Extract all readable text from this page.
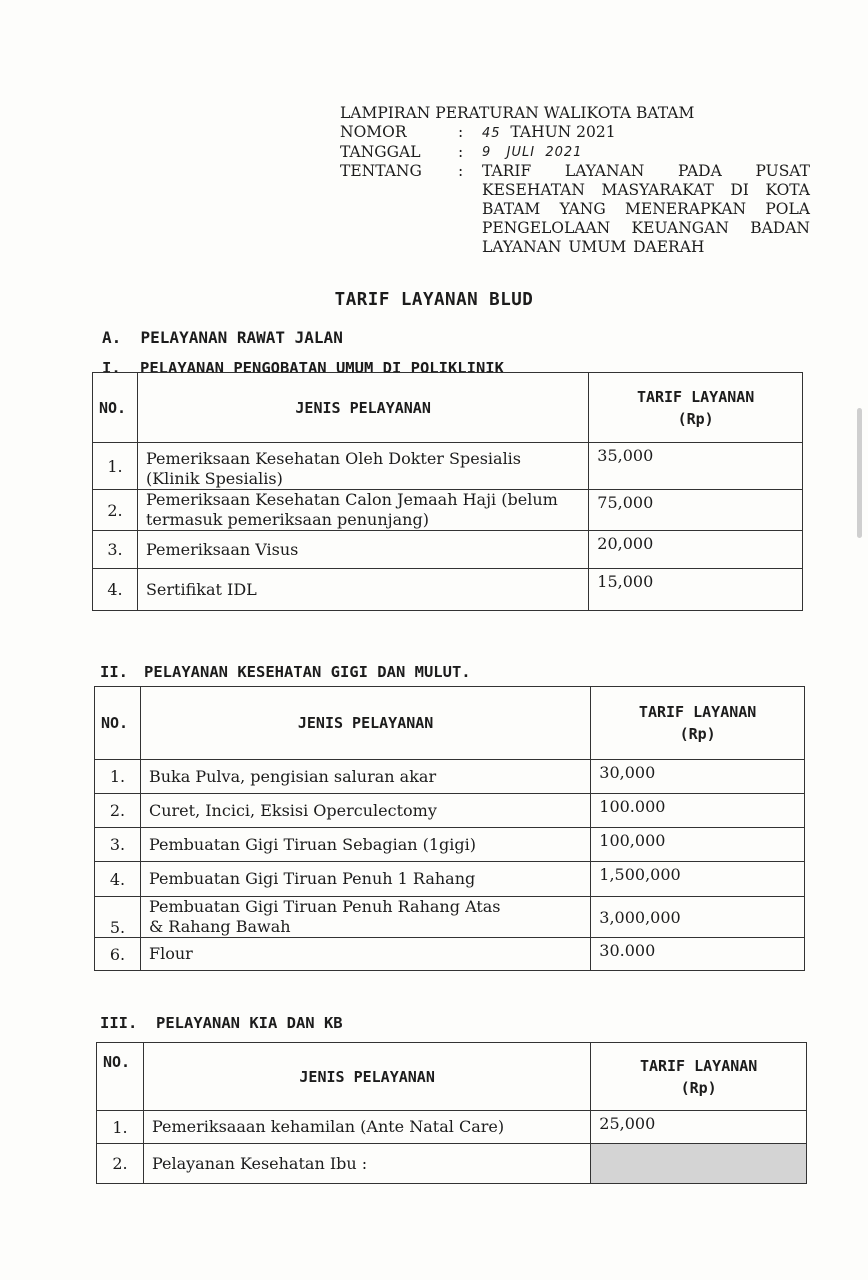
LAMPIRAN PERATURAN WALIKOTA BATAM
NOMOR	:	45 TAHUN 2021
TANGGAL	:	9   JULI  2021
TENTANG	:	TARIF LAYANAN PADA PUSAT
KESEHATAN MASYARAKAT DI KOTA
BATAM YANG MENERAPKAN POLA
PENGELOLAAN KEUANGAN BADAN
LAYANAN UMUM DAERAH
TARIF LAYANAN BLUD
A. PELAYANAN RAWAT JALAN
I. PELAYANAN PENGOBATAN UMUM DI POLIKLINIK
NO.	JENIS PELAYANAN	TARIF LAYANAN
(Rp)

1.	Pemeriksaan Kesehatan Oleh Dokter Spesialis
(Klinik Spesialis)	35,000
2.	Pemeriksaan Kesehatan Calon Jemaah Haji (belum
termasuk pemeriksaan penunjang)	75,000
3.	Pemeriksaan Visus	20,000
4.	Sertifikat IDL	15,000
II. PELAYANAN KESEHATAN GIGI DAN MULUT.
NO.	JENIS PELAYANAN	TARIF LAYANAN
(Rp)

1.	Buka Pulva, pengisian saluran akar	30,000
2.	Curet, Incici, Eksisi Operculectomy	100.000
3.	Pembuatan Gigi Tiruan Sebagian (1gigi)	100,000
4.	Pembuatan Gigi Tiruan Penuh 1 Rahang	1,500,000
5.	Pembuatan Gigi Tiruan Penuh Rahang Atas
& Rahang Bawah	3,000,000
6.	Flour	30.000
III. PELAYANAN KIA DAN KB
NO.	JENIS PELAYANAN	TARIF LAYANAN
(Rp)

1.	Pemeriksaaan kehamilan (Ante Natal Care)	25,000
2.	Pelayanan Kesehatan Ibu :	
